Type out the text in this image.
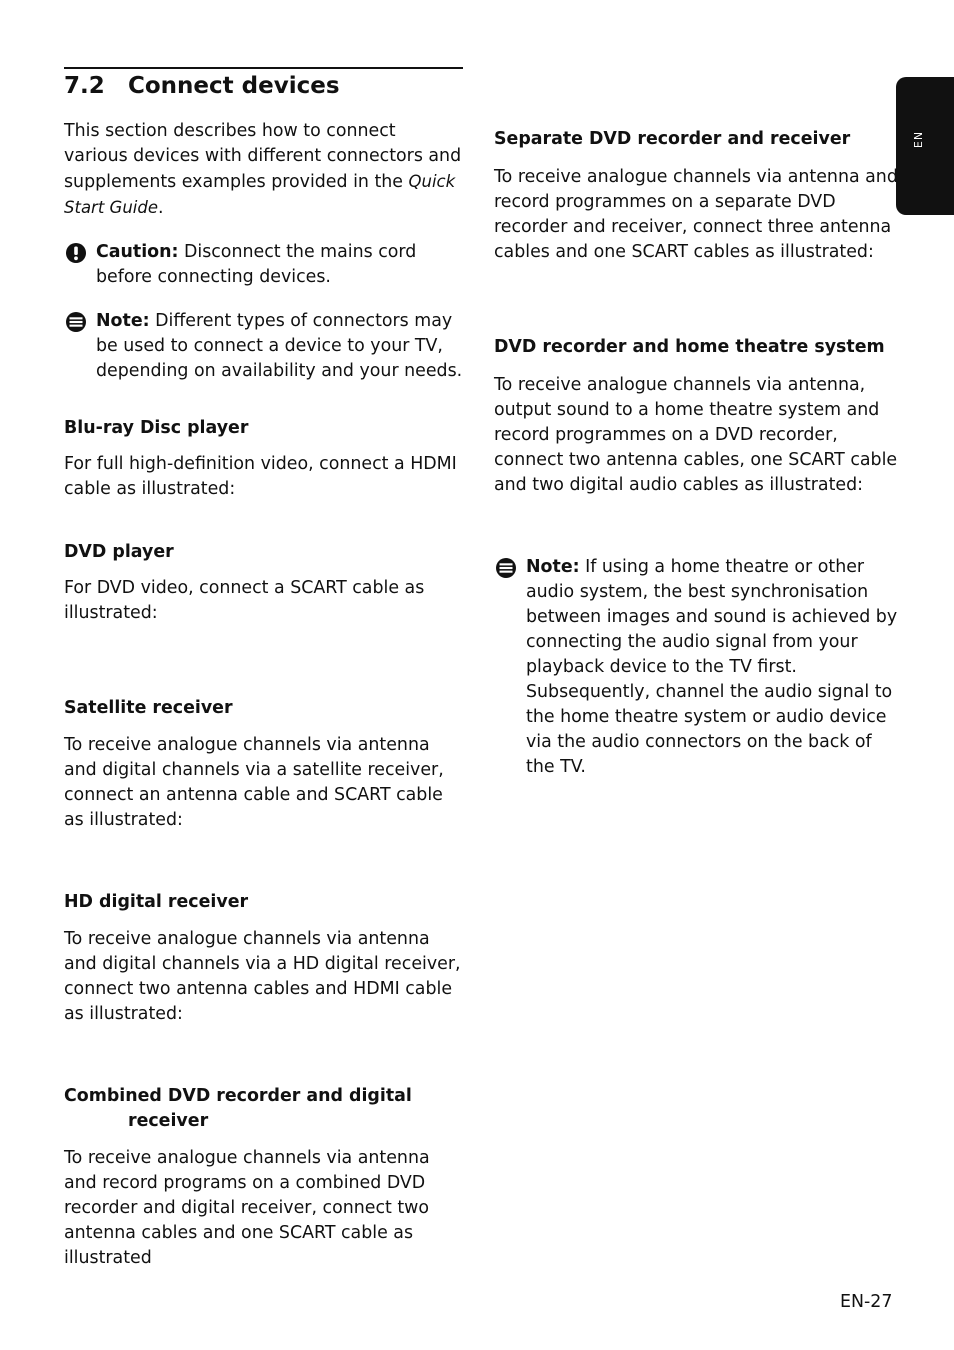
7.2 Connect devices
EN

This section describes how to connect various devices with different connectors and supplements examples provided in the Quick Start Guide.

Caution: Disconnect the mains cord before connecting devices.

Note: Different types of connectors may be used to connect a device to your TV, depending on availability and your needs.

Blu-ray Disc player

For full high-definition video, connect a HDMI cable as illustrated:

DVD player

For DVD video, connect a SCART cable as illustrated:

Satellite receiver

To receive analogue channels via antenna and digital channels via a satellite receiver, connect an antenna cable and SCART cable as illustrated:

HD digital receiver

To receive analogue channels via antenna and digital channels via a HD digital receiver, connect two antenna cables and HDMI cable as illustrated:

Combined DVD recorder and digital receiver

To receive analogue channels via antenna and record programs on a combined DVD recorder and digital receiver, connect two antenna cables and one SCART cable as illustrated

Separate DVD recorder and receiver

To receive analogue channels via antenna and record programmes on a separate DVD recorder and receiver, connect three antenna cables and one SCART cables as illustrated:

DVD recorder and home theatre system

To receive analogue channels via antenna, output sound to a home theatre system and record programmes on a DVD recorder, connect two antenna cables, one SCART cable and two digital audio cables as illustrated:

Note: If using a home theatre or other audio system, the best synchronisation between images and sound is achieved by connecting the audio signal from your playback device to the TV first. Subsequently, channel the audio signal to the home theatre system or audio device via the audio connectors on the back of the TV.

EN-27
